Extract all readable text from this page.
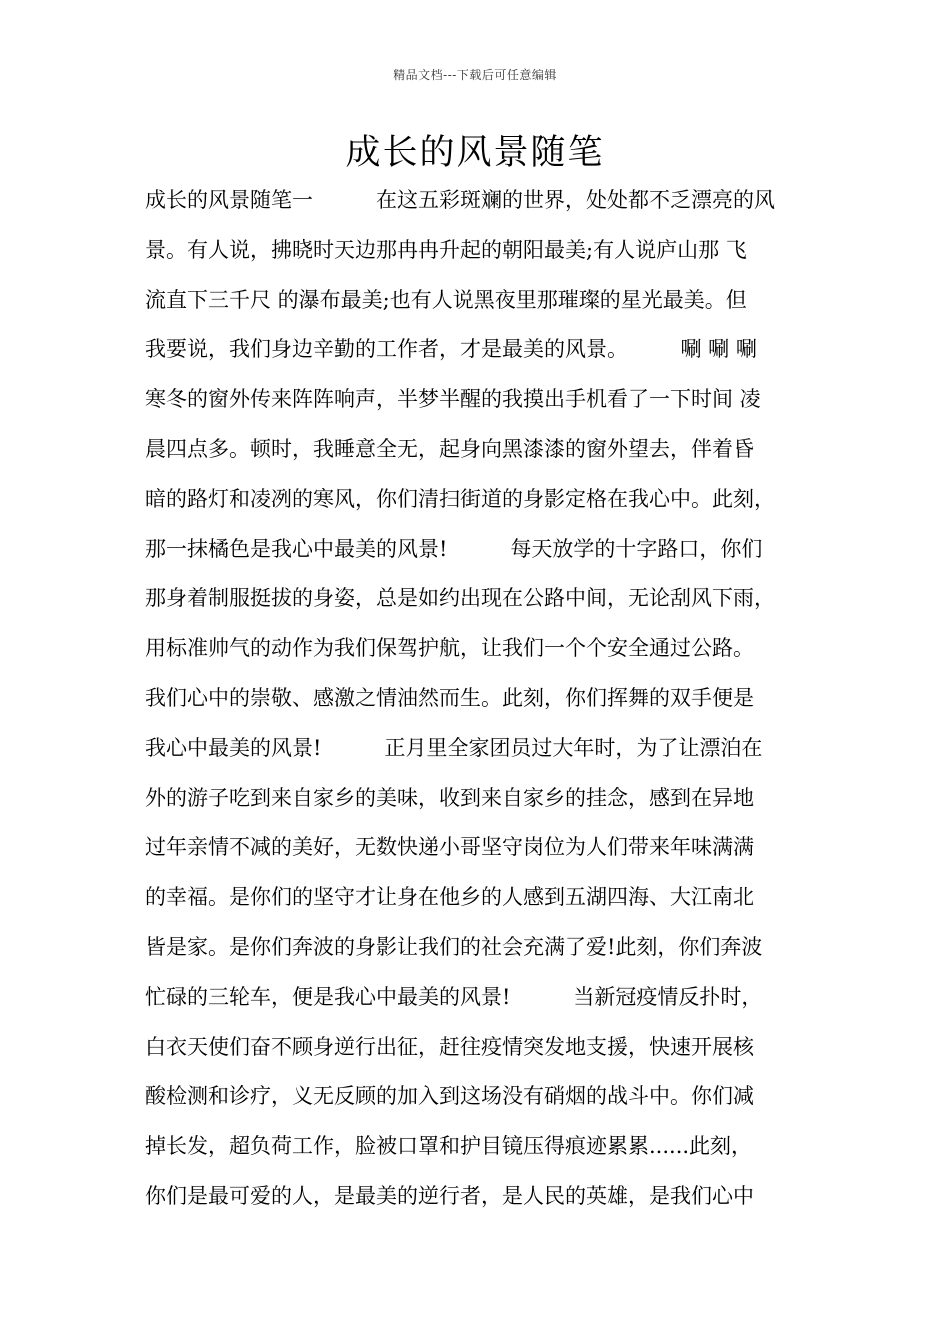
精品文档---下载后可任意编辑
成长的风景随笔
成长的风景随笔一　　　在这五彩斑斓的世界，处处都不乏漂亮的风
景。有人说，拂晓时天边那冉冉升起的朝阳最美;有人说庐山那 飞
流直下三千尺 的瀑布最美;也有人说黑夜里那璀璨的星光最美。但
我要说，我们身边辛勤的工作者，才是最美的风景。　　　唰 唰 唰
寒冬的窗外传来阵阵响声，半梦半醒的我摸出手机看了一下时间 凌
晨四点多。顿时，我睡意全无，起身向黑漆漆的窗外望去，伴着昏
暗的路灯和凌冽的寒风，你们清扫街道的身影定格在我心中。此刻，
那一抹橘色是我心中最美的风景!　　　每天放学的十字路口，你们
那身着制服挺拔的身姿，总是如约出现在公路中间，无论刮风下雨，
用标准帅气的动作为我们保驾护航，让我们一个个安全通过公路。
我们心中的崇敬、感激之情油然而生。此刻，你们挥舞的双手便是
我心中最美的风景!　　　正月里全家团员过大年时，为了让漂泊在
外的游子吃到来自家乡的美味，收到来自家乡的挂念，感到在异地
过年亲情不减的美好，无数快递小哥坚守岗位为人们带来年味满满
的幸福。是你们的坚守才让身在他乡的人感到五湖四海、大江南北
皆是家。是你们奔波的身影让我们的社会充满了爱!此刻，你们奔波
忙碌的三轮车，便是我心中最美的风景!　　　当新冠疫情反扑时，
白衣天使们奋不顾身逆行出征，赶往疫情突发地支援，快速开展核
酸检测和诊疗，义无反顾的加入到这场没有硝烟的战斗中。你们减
掉长发，超负荷工作，脸被口罩和护目镜压得痕迹累累......此刻，
你们是最可爱的人，是最美的逆行者，是人民的英雄，是我们心中
